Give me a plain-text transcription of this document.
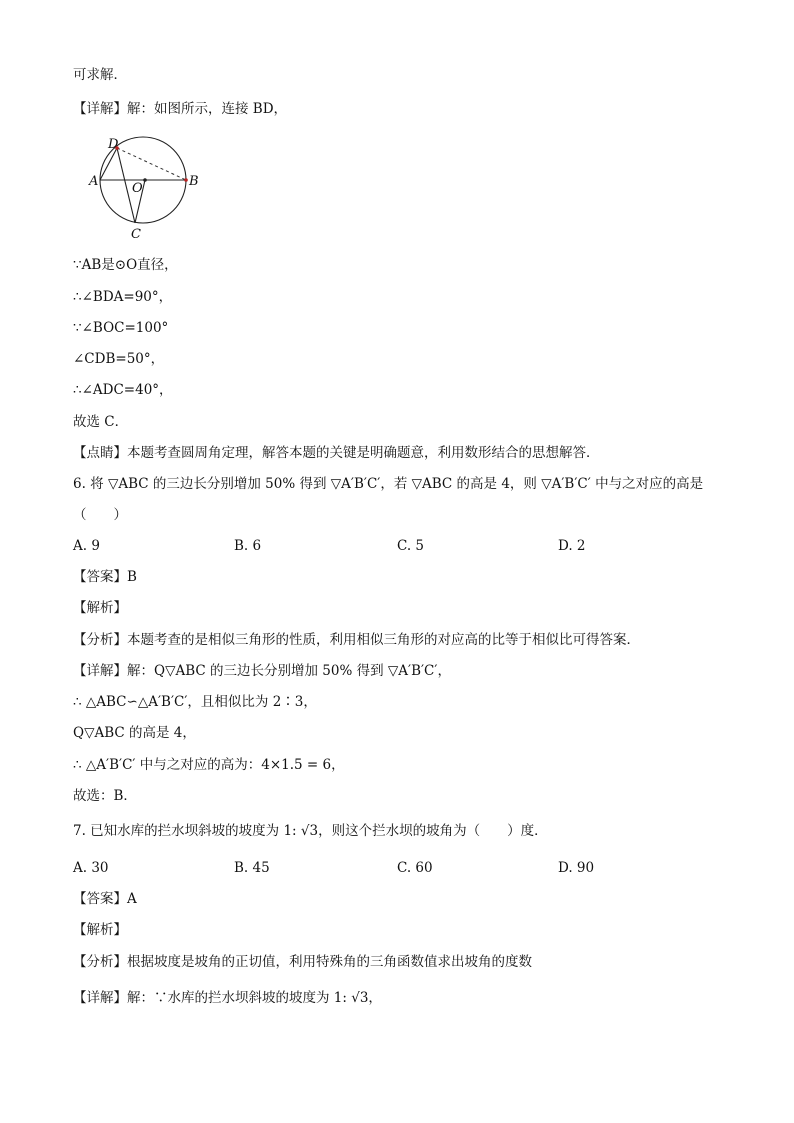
可求解．
【详解】解：如图所示，连接 BD，
D
A	O	B
C
∵AB是⊙O直径，
∴∠BDA=90°，
∵∠BOC=100°
∠CDB=50°，
∴∠ADC=40°，
故选 C．
【点睛】本题考查圆周角定理，解答本题的关键是明确题意，利用数形结合的思想解答．
6. 将 ▽ABC 的三边长分别增加 50% 得到 ▽A′B′C′，若 ▽ABC 的高是 4，则 ▽A′B′C′ 中与之对应的高是
（　　）
A. 9	B. 6	C. 5	D. 2
【答案】B
【解析】
【分析】本题考查的是相似三角形的性质，利用相似三角形的对应高的比等于相似比可得答案．
【详解】解：Q▽ABC 的三边长分别增加 50% 得到 ▽A′B′C′，
∴ △ABC∽△A′B′C′，且相似比为 2∶3，
Q▽ABC 的高是 4，
∴ △A′B′C′ 中与之对应的高为：4×1.5 = 6，
故选：B．
7. 已知水库的拦水坝斜坡的坡度为 1: √3，则这个拦水坝的坡角为（　　）度．
A. 30	B. 45	C. 60	D. 90
【答案】A
【解析】
【分析】根据坡度是坡角的正切值，利用特殊角的三角函数值求出坡角的度数
【详解】解：∵水库的拦水坝斜坡的坡度为 1: √3，
